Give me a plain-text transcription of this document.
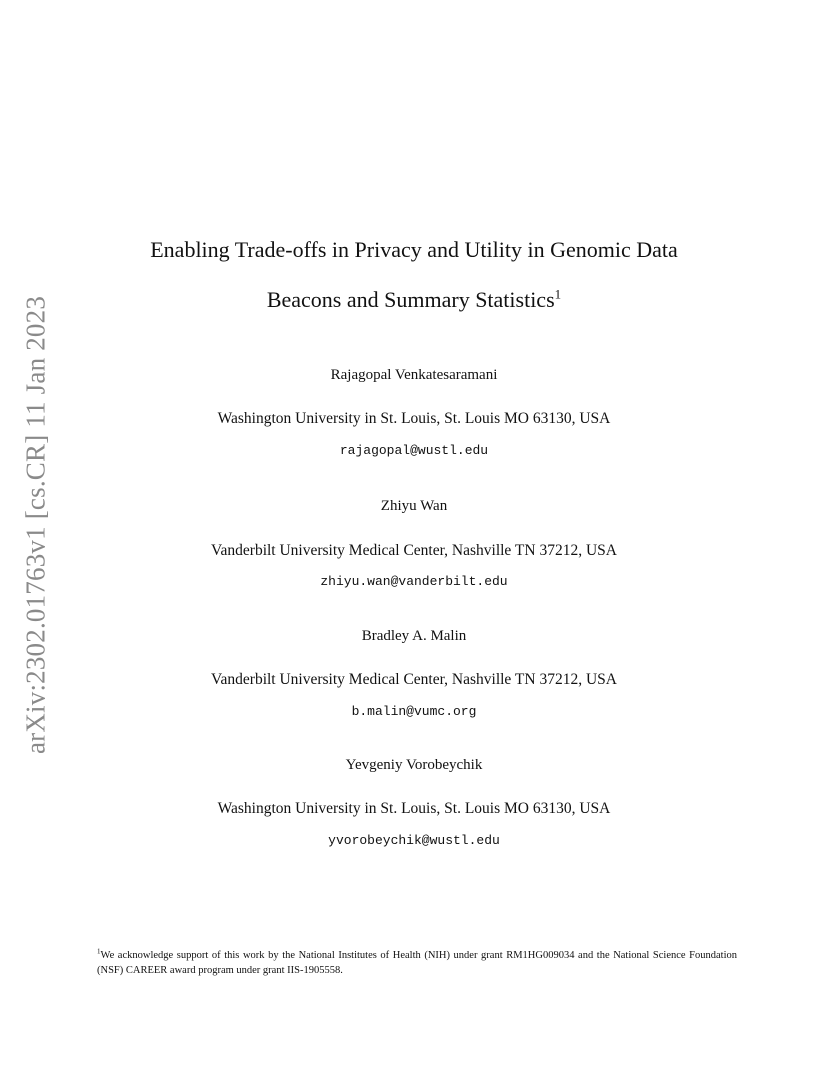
arXiv:2302.01763v1 [cs.CR] 11 Jan 2023
Enabling Trade-offs in Privacy and Utility in Genomic Data
Beacons and Summary Statistics$^1$
Rajagopal Venkatesaramani
Washington University in St. Louis, St. Louis MO 63130, USA
rajagopal@wustl.edu
Zhiyu Wan
Vanderbilt University Medical Center, Nashville TN 37212, USA
zhiyu.wan@vanderbilt.edu
Bradley A. Malin
Vanderbilt University Medical Center, Nashville TN 37212, USA
b.malin@vumc.org
Yevgeniy Vorobeychik
Washington University in St. Louis, St. Louis MO 63130, USA
yvorobeychik@wustl.edu
$^1$We acknowledge support of this work by the National Institutes of Health (NIH) under grant RM1HG009034 and the National Science Foundation (NSF) CAREER award program under grant IIS-1905558.
